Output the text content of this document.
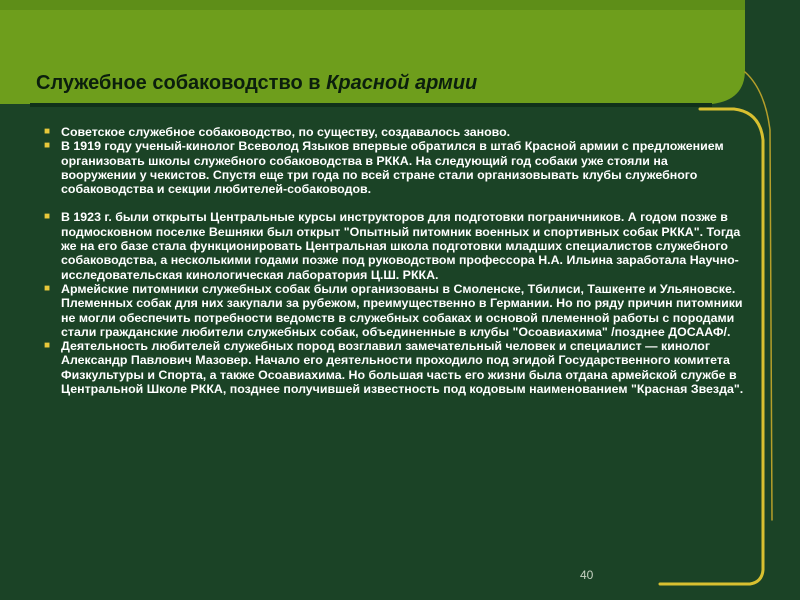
Служебное собаководство в Красной армии

■ Советское служебное собаководство, по существу, создавалось заново.

■ В 1919 году ученый-кинолог Всеволод Языков впервые обратился в штаб Красной армии с предложением организовать школы служебного собаководства в РККА. На следующий год собаки уже стояли на вооружении у чекистов. Спустя еще три года по всей стране стали организовывать клубы служебного собаководства и секции любителей-собаководов.

■ В 1923 г. были открыты Центральные курсы инструкторов для подготовки пограничников. А годом позже в подмосковном поселке Вешняки был открыт "Опытный питомник военных и спортивных собак РККА". Тогда же на его базе стала функционировать Центральная школа подготовки младших специалистов служебного собаководства, а несколькими годами позже под руководством профессора Н.А. Ильина заработала Научно-исследовательская кинологическая лаборатория Ц.Ш. РККА.

■ Армейские питомники служебных собак были организованы в Смоленске, Тбилиси, Ташкенте и Ульяновске. Племенных собак для них закупали за рубежом, преимущественно в Германии. Но по ряду причин питомники не могли обеспечить потребности ведомств в служебных собаках и основой племенной работы с породами стали гражданские любители служебных собак, объединенные в клубы "Осоавиахима" /позднее ДОСААФ/.

■ Деятельность любителей служебных пород возглавил замечательный человек и специалист — кинолог Александр Павлович Мазовер. Начало его деятельности проходило под эгидой Государственного комитета Физкультуры и Спорта, а также Осоавиахима. Но большая часть его жизни была отдана армейской службе в Центральной Школе РККА, позднее получившей известность под кодовым наименованием "Красная Звезда".

40
